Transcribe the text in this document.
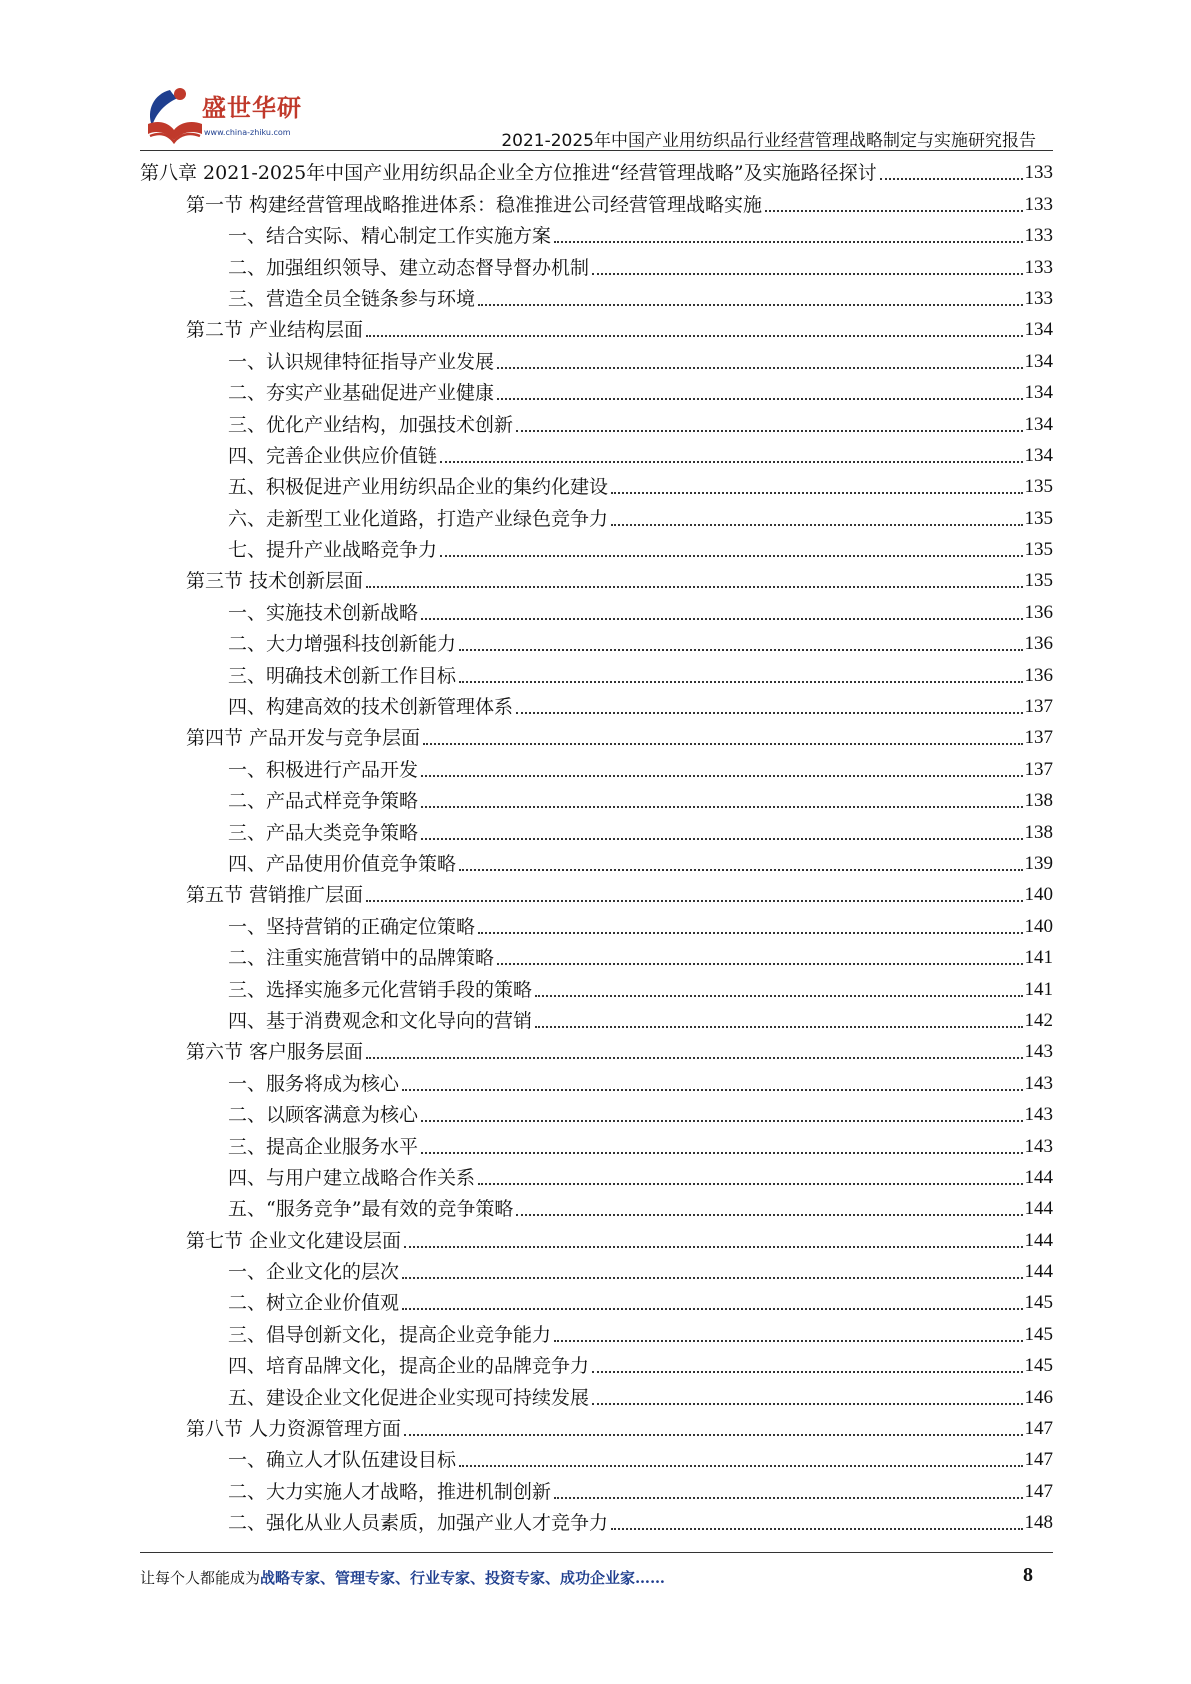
盛世华研
www.china-zhiku.com	2021-2025年中国产业用纺织品行业经营管理战略制定与实施研究报告
第八章 2021-2025年中国产业用纺织品企业全方位推进“经营管理战略”及实施路径探讨	133
第一节 构建经营管理战略推进体系：稳准推进公司经营管理战略实施	133
一、结合实际、精心制定工作实施方案	133
二、加强组织领导、建立动态督导督办机制	133
三、营造全员全链条参与环境	133
第二节 产业结构层面	134
一、认识规律特征指导产业发展	134
二、夯实产业基础促进产业健康	134
三、优化产业结构，加强技术创新	134
四、完善企业供应价值链	134
五、积极促进产业用纺织品企业的集约化建设	135
六、走新型工业化道路，打造产业绿色竞争力	135
七、提升产业战略竞争力	135
第三节 技术创新层面	135
一、实施技术创新战略	136
二、大力增强科技创新能力	136
三、明确技术创新工作目标	136
四、构建高效的技术创新管理体系	137
第四节 产品开发与竞争层面	137
一、积极进行产品开发	137
二、产品式样竞争策略	138
三、产品大类竞争策略	138
四、产品使用价值竞争策略	139
第五节 营销推广层面	140
一、坚持营销的正确定位策略	140
二、注重实施营销中的品牌策略	141
三、选择实施多元化营销手段的策略	141
四、基于消费观念和文化导向的营销	142
第六节 客户服务层面	143
一、服务将成为核心	143
二、以顾客满意为核心	143
三、提高企业服务水平	143
四、与用户建立战略合作关系	144
五、“服务竞争”最有效的竞争策略	144
第七节 企业文化建设层面	144
一、企业文化的层次	144
二、树立企业价值观	145
三、倡导创新文化，提高企业竞争能力	145
四、培育品牌文化，提高企业的品牌竞争力	145
五、建设企业文化促进企业实现可持续发展	146
第八节 人力资源管理方面	147
一、确立人才队伍建设目标	147
二、大力实施人才战略，推进机制创新	147
二、强化从业人员素质，加强产业人才竞争力	148
让每个人都能成为战略专家、管理专家、行业专家、投资专家、成功企业家……	8
